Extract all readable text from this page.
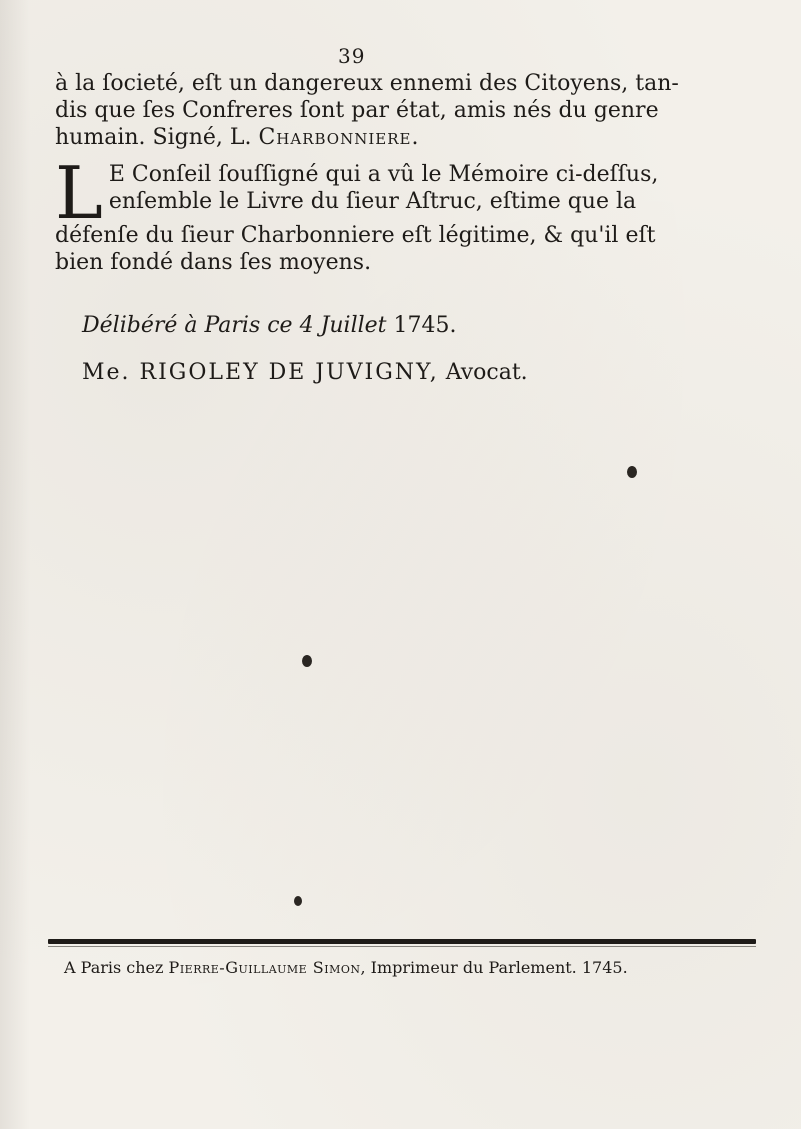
39
à la ſocieté, eſt un dangereux ennemi des Citoyens, tan-
dis que ſes Confreres ſont par état, amis nés du genre
humain. Signé, L. Charbonniere.
L E Conſeil ſouſſigné qui a vû le Mémoire ci-deſſus,
enſemble le Livre du ſieur Aſtruc, eſtime que la
défenſe du ſieur Charbonniere eſt légitime, & qu'il eſt
bien fondé dans ſes moyens.
Délibéré à Paris ce 4 Juillet 1745.
Me. RIGOLEY DE JUVIGNY, Avocat.
A Paris chez Pierre-Guillaume Simon, Imprimeur du Parlement. 1745.
